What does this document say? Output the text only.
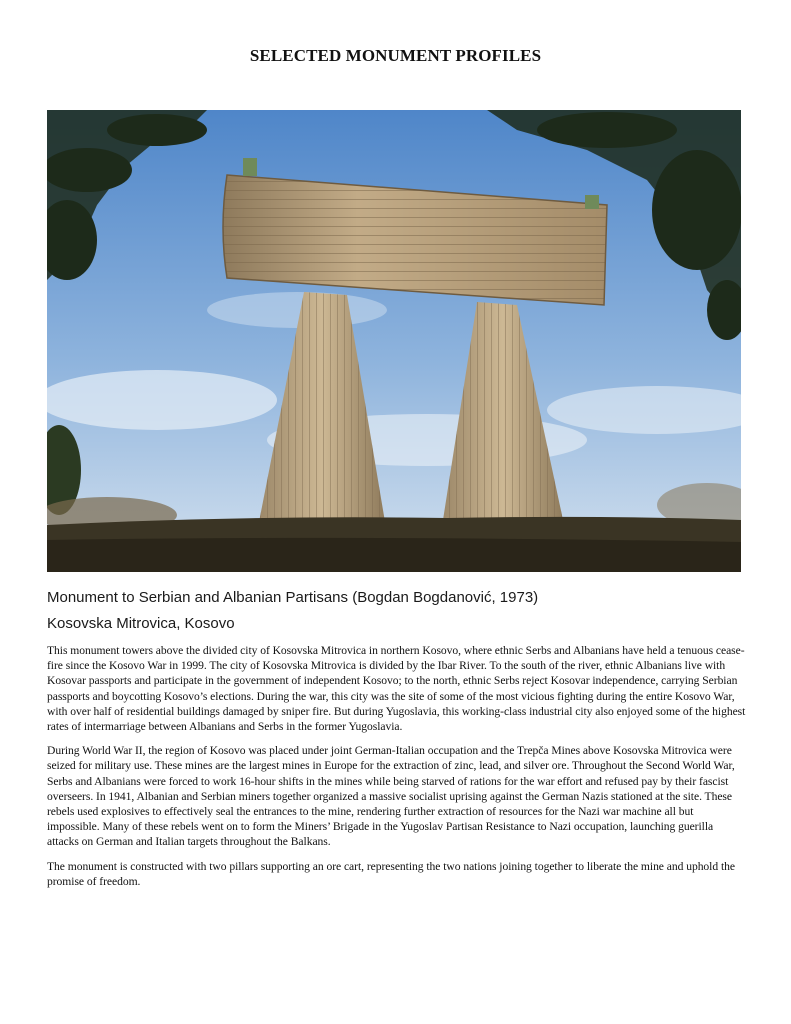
SELECTED MONUMENT PROFILES
Monument to Serbian and Albanian Partisans (Bogdan Bogdanović, 1973)
Kosovska Mitrovica, Kosovo

This monument towers above the divided city of Kosovska Mitrovica in northern Kosovo, where ethnic Serbs and Albanians have held a tenuous cease-fire since the Kosovo War in 1999. The city of Kosovska Mitrovica is divided by the Ibar River. To the south of the river, ethnic Albanians live with Kosovar passports and participate in the government of independent Kosovo; to the north, ethnic Serbs reject Kosovar independence, carrying Serbian passports and boycotting Kosovo’s elections. During the war, this city was the site of some of the most vicious fighting during the entire Kosovo War, with over half of residential buildings damaged by sniper fire. But during Yugoslavia, this working-class industrial city also enjoyed some of the highest rates of intermarriage between Albanians and Serbs in the former Yugoslavia.

During World War II, the region of Kosovo was placed under joint German-Italian occupation and the Trepča Mines above Kosovska Mitrovica were seized for military use. These mines are the largest mines in Europe for the extraction of zinc, lead, and silver ore. Throughout the Second World War, Serbs and Albanians were forced to work 16-hour shifts in the mines while being starved of rations for the war effort and refused pay by their fascist overseers. In 1941, Albanian and Serbian miners together organized a massive socialist uprising against the German Nazis stationed at the site. These rebels used explosives to effectively seal the entrances to the mine, rendering further extraction of resources for the Nazi war machine all but impossible. Many of these rebels went on to form the Miners’ Brigade in the Yugoslav Partisan Resistance to Nazi occupation, launching guerilla attacks on German and Italian targets throughout the Balkans.

The monument is constructed with two pillars supporting an ore cart, representing the two nations joining together to liberate the mine and uphold the promise of freedom.
